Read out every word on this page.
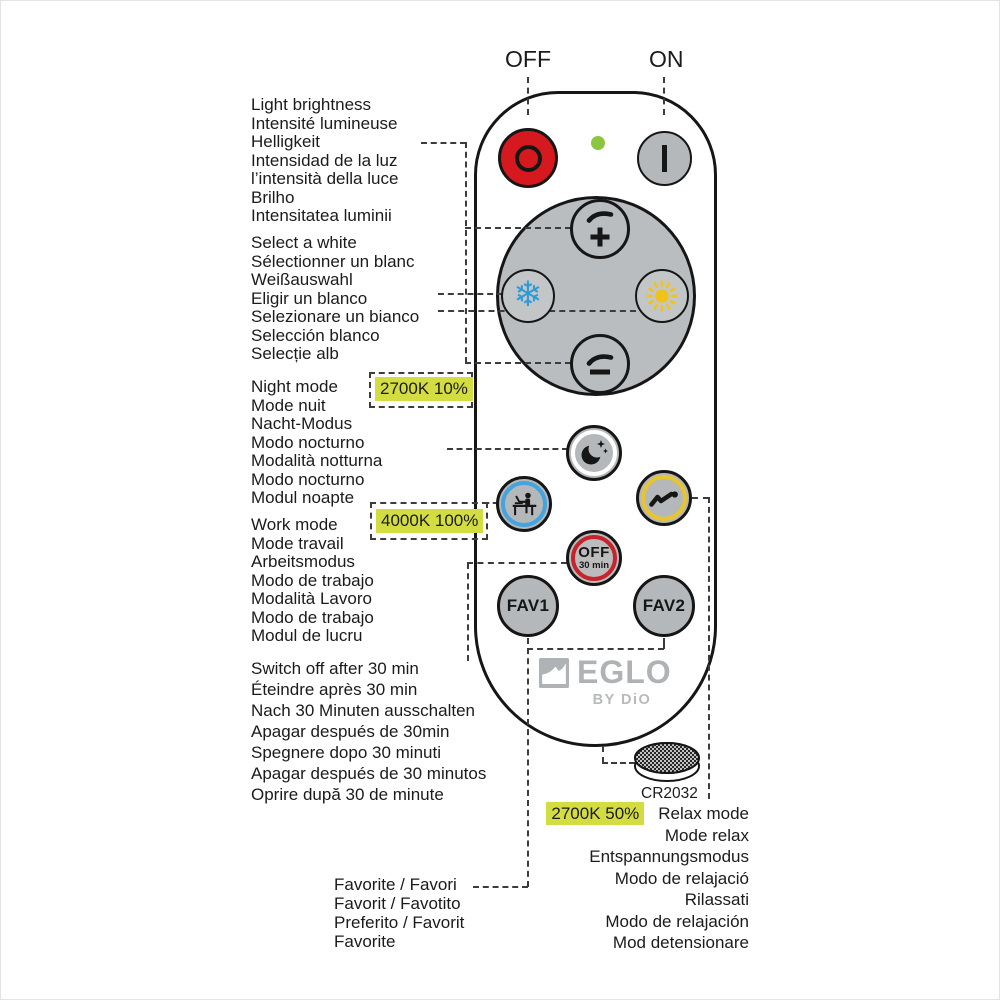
OFF	ON
❄
OFF
30 min
FAV1	FAV2
EGLO
BY DiO
CR2032
Light brightness
Intensité lumineuse
Helligkeit
Intensidad de la luz
l’intensità della luce
Brilho
Intensitatea luminii
Select a white
Sélectionner un blanc
Weißauswahl
Eligir un blanco
Selezionare un bianco
Selección blanco
Selecție alb
Night mode
Mode nuit
Nacht-Modus
Modo nocturno
Modalità notturna
Modo nocturno
Modul noapte
2700K 10%
Work mode
Mode travail
Arbeitsmodus
Modo de trabajo
Modalità Lavoro
Modo de trabajo
Modul de lucru
4000K 100%
Switch off after 30 min
Éteindre après 30 min
Nach 30 Minuten ausschalten
Apagar después de 30min
Spegnere dopo 30 minuti
Apagar después de 30 minutos
Oprire după 30 de minute
Favorite / Favori
Favorit / Favotito
Preferito / Favorit
Favorite
2700K 50% Relax mode
Mode relax
Entspannungsmodus
Modo de relajació
Rilassati
Modo de relajación
Mod detensionare
